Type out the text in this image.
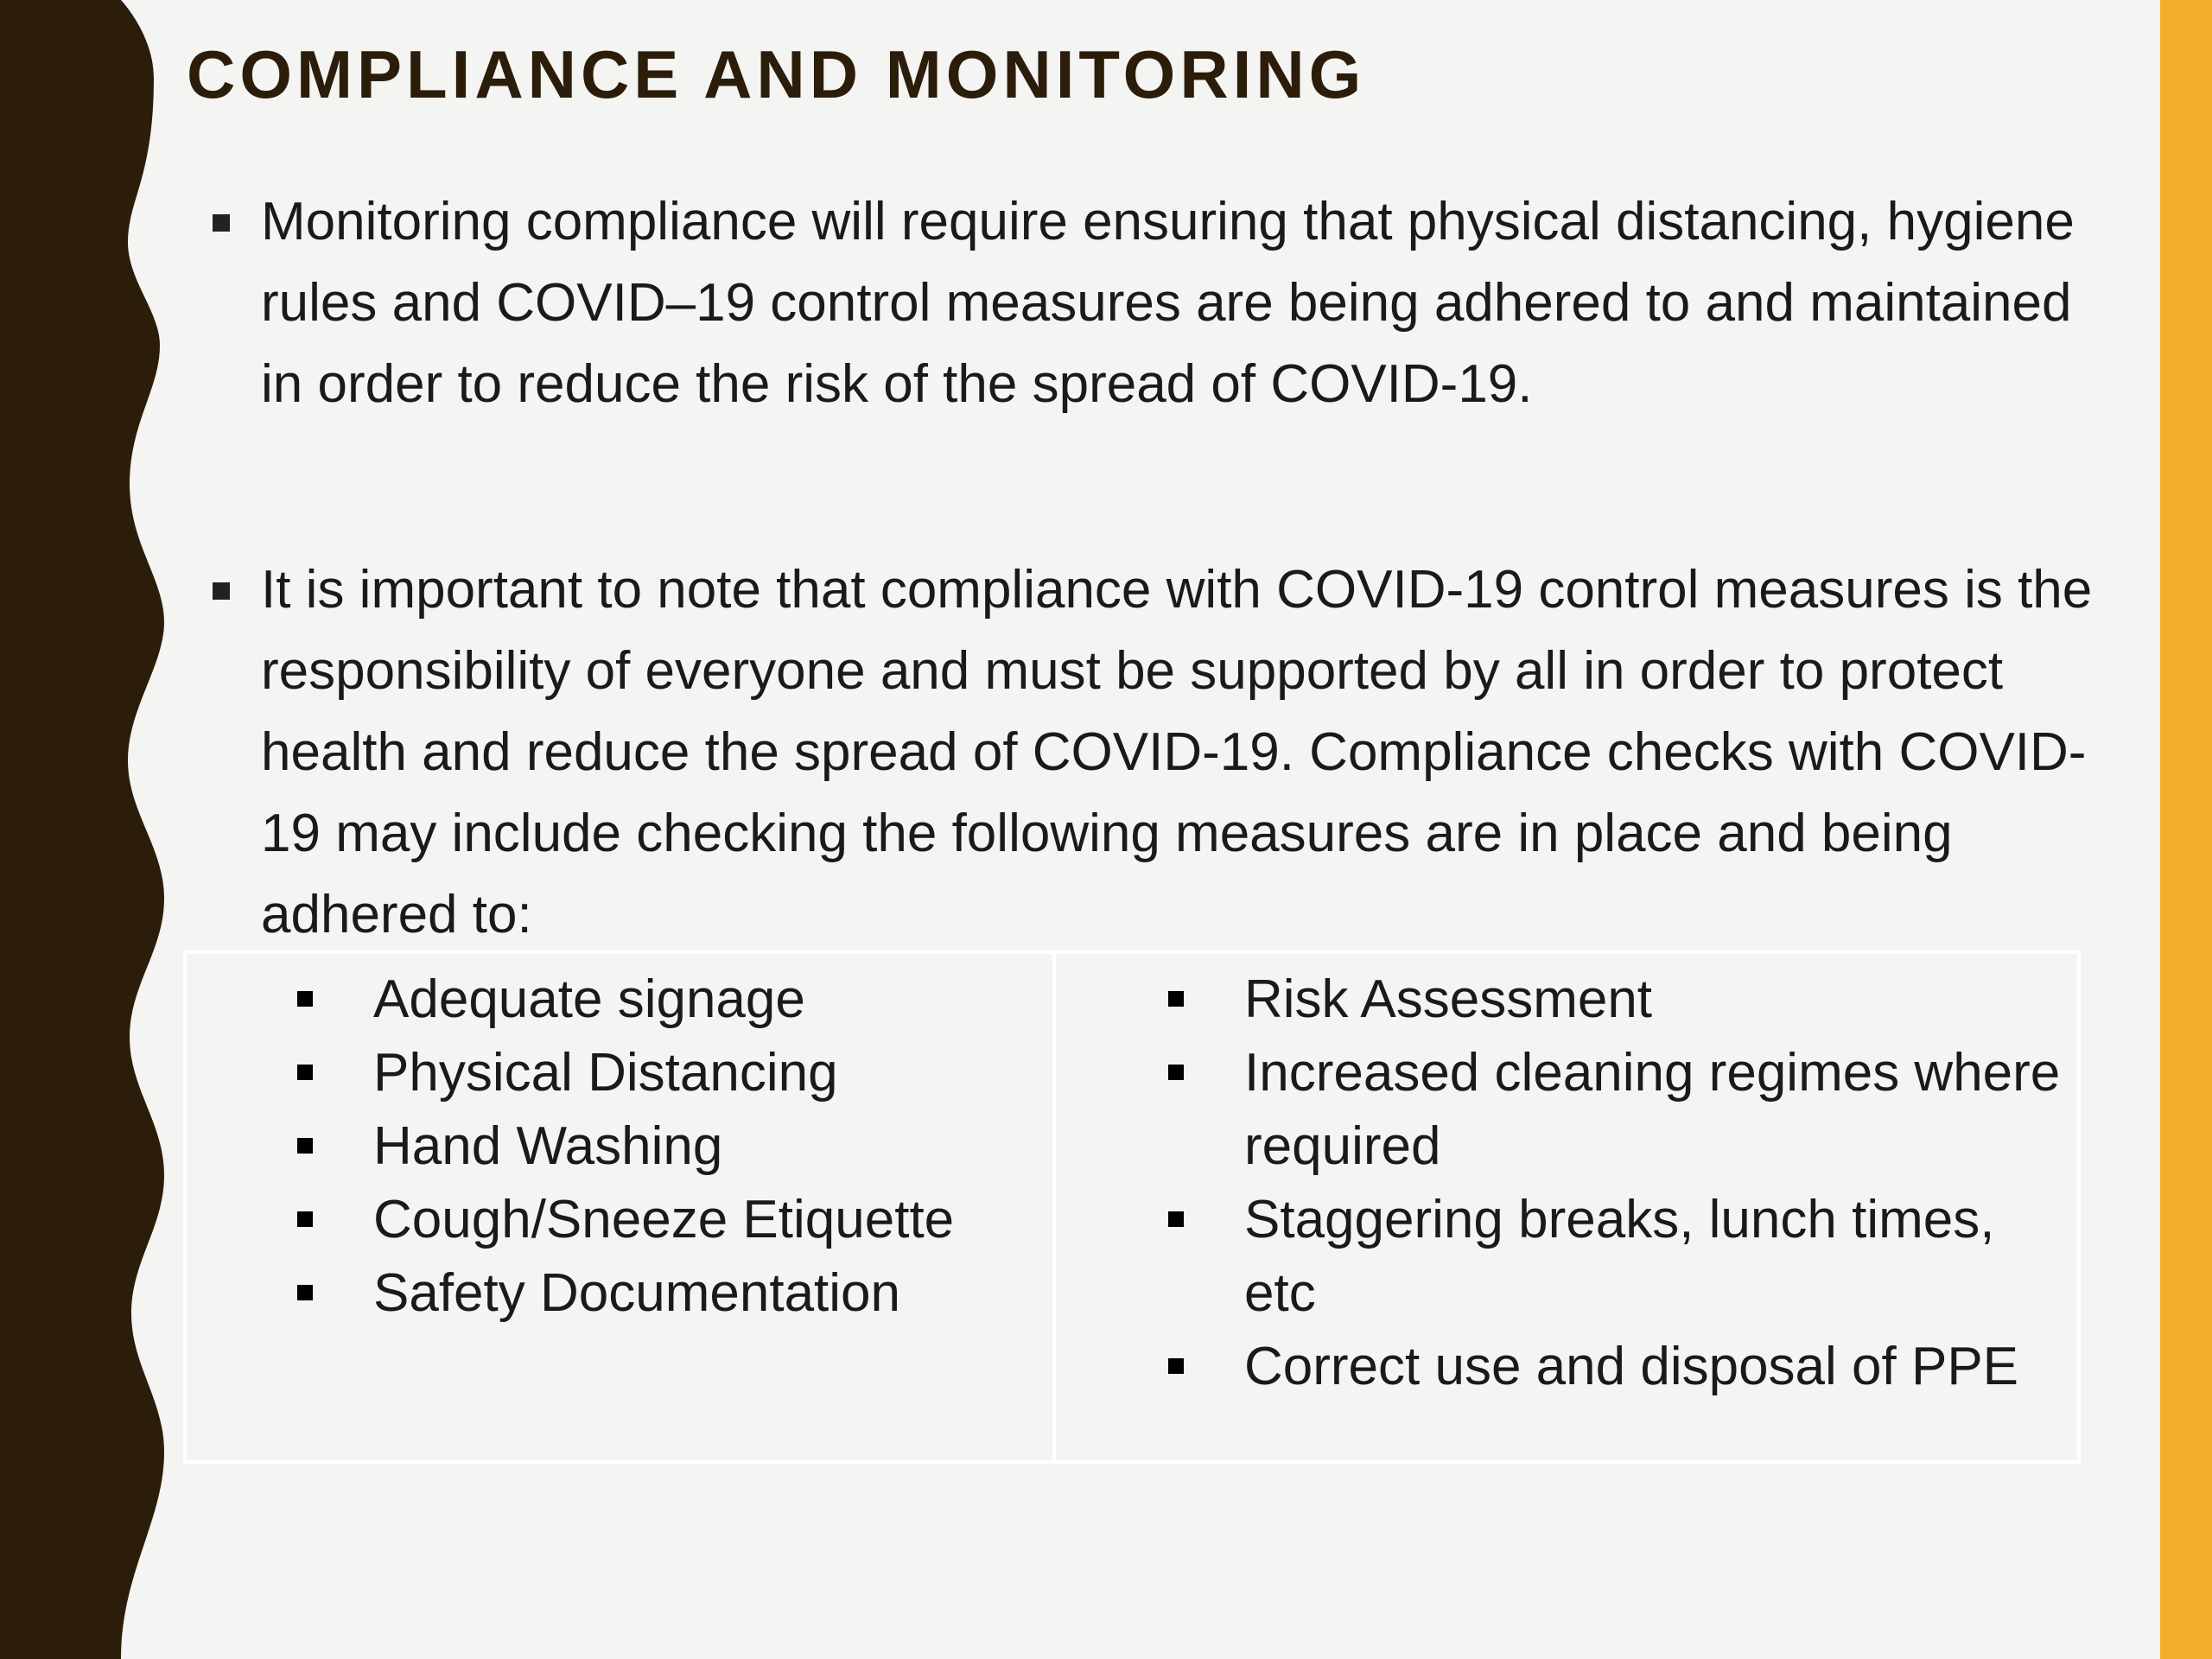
COMPLIANCE AND MONITORING
Monitoring compliance will require ensuring that physical distancing, hygiene rules and COVID–19 control measures are being adhered to and maintained in order to reduce the risk of the spread of COVID-19.
It is important to note that compliance with COVID-19 control measures is the responsibility of everyone and must be supported by all in order to protect health and reduce the spread of COVID-19. Compliance checks with COVID-19 may include checking the following measures are in place and being adhered to:
Adequate signage
Physical Distancing
Hand Washing
Cough/Sneeze Etiquette
Safety Documentation
Risk Assessment
Increased cleaning regimes where required
Staggering breaks, lunch times, etc
Correct use and disposal of PPE
